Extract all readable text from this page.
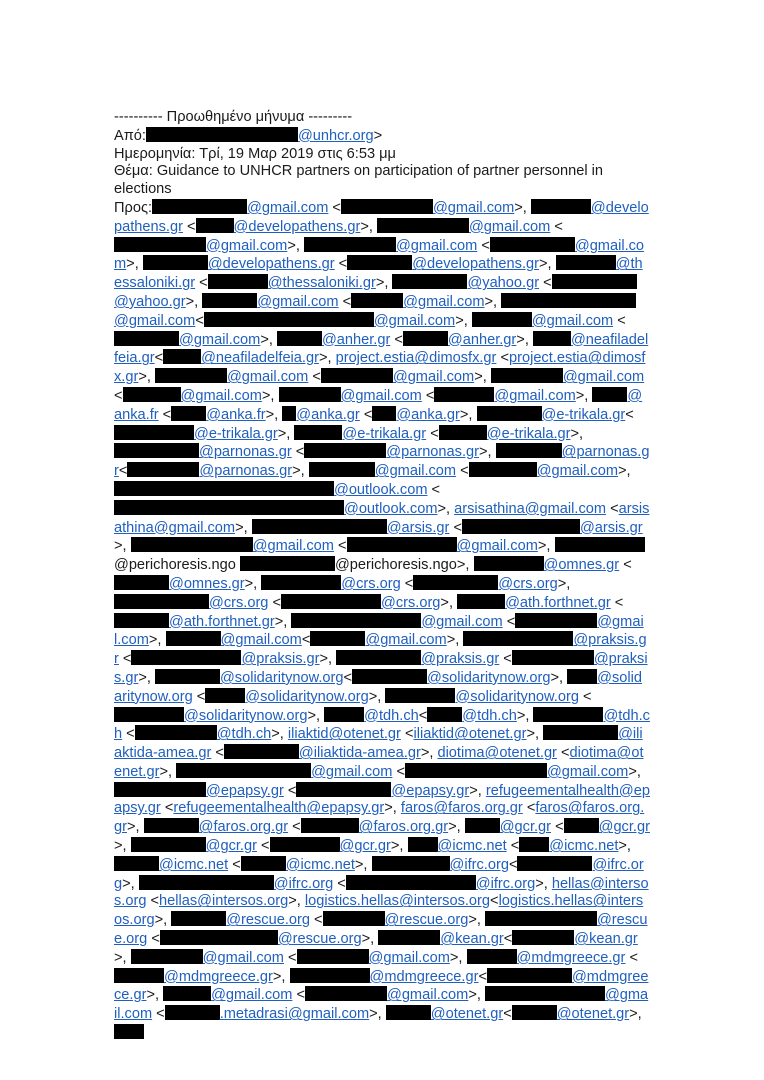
---------- Προωθημένο μήνυμα ---------
Από:	@unhcr.org>
Ημερομηνία: Τρί, 19 Μαρ 2019 στις 6:53 μμ
Θέμα: Guidance to UNHCR partners on participation of partner personnel in elections
Προς:	@gmail.com <	@gmail.com>,	@developathens.gr <	@developathens.gr>,	@gmail.com <@gmail.com>,	@gmail.com <	@gmail.com>,	@developathens.gr <	@developathens.gr>,	@thessaloniki.gr <	@thessaloniki.gr>,	@yahoo.gr <@yahoo.gr>,	@gmail.com <	@gmail.com>, @gmail.com<	@gmail.com>,	@gmail.com <@gmail.com>,	@anher.gr <	@anher.gr>,	@neafiladelfeia.gr<	@neafiladelfeia.gr>, project.estia@dimosfx.gr <project.estia@dimosfx.gr>,	@gmail.com <	@gmail.com>,	@gmail.com<	@gmail.com>,	@gmail.com <	@gmail.com>, @anka.fr < @anka.fr>, @anka.gr < @anka.gr>,	@e-trikala.gr<@e-trikala.gr>,	@e-trikala.gr <	@e-trikala.gr>, @parnonas.gr <	@parnonas.gr>,	@parnonas.gr<	@parnonas.gr>,	@gmail.com <	@gmail.com>, @outlook.com <@outlook.com>, arsisathina@gmail.com <arsisathina@gmail.com>,	@arsis.gr <	@arsis.gr>,	@gmail.com <	@gmail.com>, @perichoresis.ngo	@perichoresis.ngo>,	@omnes.gr <@omnes.gr>,	@crs.org <	@crs.org>, @crs.org <	@crs.org>,	@ath.forthnet.gr <@ath.forthnet.gr>,	@gmail.com <	@gmail.com>,	@gmail.com<	@gmail.com>,	@praksis.gr <	@praksis.gr>,	@praksis.gr <	@praksis.gr>,	@solidaritynow.org<	@solidaritynow.org>, @solidaritynow.org <	@solidaritynow.org>,	@solidaritynow.org <@solidaritynow.org>,	@tdh.ch< @tdh.ch>,	@tdh.ch <	@tdh.ch>, iliaktid@otenet.gr <iliaktid@otenet.gr>,	@iliaktida-amea.gr <	@iliaktida-amea.gr>, diotima@otenet.gr <diotima@otenet.gr>,	@gmail.com <	@gmail.com>, @epapsy.gr <	@epapsy.gr>, refugeementalhealth@epapsy.gr <refugeementalhealth@epapsy.gr>, faros@faros.org.gr <faros@faros.org.gr>,	@faros.org.gr <	@faros.org.gr>, @gcr.gr < @gcr.gr>,	@gcr.gr <	@gcr.gr>, @icmc.net < @icmc.net>, @icmc.net <	@icmc.net>,	@ifrc.org<	@ifrc.org>,	@ifrc.org <	@ifrc.org>, hellas@intersos.org <hellas@intersos.org>, logistics.hellas@intersos.org<logistics.hellas@intersos.org>,	@rescue.org <	@rescue.org>,	@rescue.org <	@rescue.org>,	@kean.gr<	@kean.gr>,	@gmail.com <	@gmail.com>,	@mdmgreece.gr <@mdmgreece.gr>,	@mdmgreece.gr<	@mdmgreece.gr>,	@gmail.com <	@gmail.com>,	@gmail.com <	.metadrasi@gmail.com>,	@otenet.gr<	@otenet.gr>,
